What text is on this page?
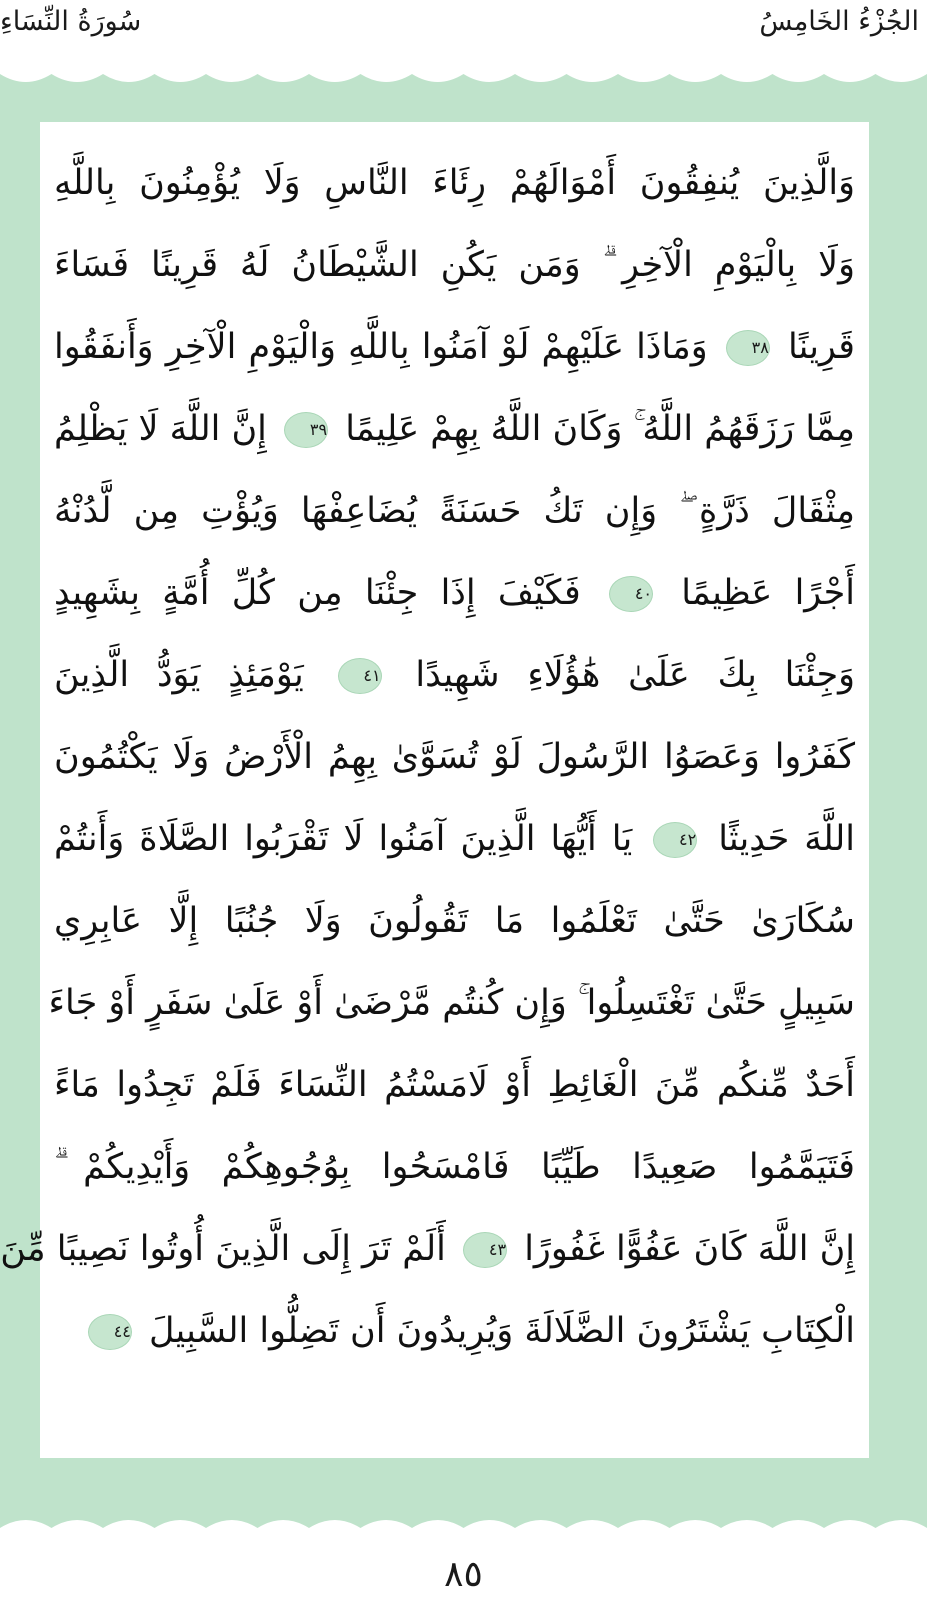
سُورَةُ النِّسَاءِ	الجُزْءُ الخَامِسُ
وَالَّذِينَ يُنفِقُونَ أَمْوَالَهُمْ رِئَاءَ النَّاسِ وَلَا يُؤْمِنُونَ بِاللَّهِ
وَلَا بِالْيَوْمِ الْآخِرِ ۗ وَمَن يَكُنِ الشَّيْطَانُ لَهُ قَرِينًا فَسَاءَ
قَرِينًا ٣٨ وَمَاذَا عَلَيْهِمْ لَوْ آمَنُوا بِاللَّهِ وَالْيَوْمِ الْآخِرِ وَأَنفَقُوا
مِمَّا رَزَقَهُمُ اللَّهُ ۚ وَكَانَ اللَّهُ بِهِمْ عَلِيمًا ٣٩ إِنَّ اللَّهَ لَا يَظْلِمُ
مِثْقَالَ ذَرَّةٍ ۖ وَإِن تَكُ حَسَنَةً يُضَاعِفْهَا وَيُؤْتِ مِن لَّدُنْهُ
أَجْرًا عَظِيمًا ٤٠ فَكَيْفَ إِذَا جِئْنَا مِن كُلِّ أُمَّةٍ بِشَهِيدٍ
وَجِئْنَا بِكَ عَلَىٰ هَٰؤُلَاءِ شَهِيدًا ٤١ يَوْمَئِذٍ يَوَدُّ الَّذِينَ
كَفَرُوا وَعَصَوُا الرَّسُولَ لَوْ تُسَوَّىٰ بِهِمُ الْأَرْضُ وَلَا يَكْتُمُونَ
اللَّهَ حَدِيثًا ٤٢ يَا أَيُّهَا الَّذِينَ آمَنُوا لَا تَقْرَبُوا الصَّلَاةَ وَأَنتُمْ
سُكَارَىٰ حَتَّىٰ تَعْلَمُوا مَا تَقُولُونَ وَلَا جُنُبًا إِلَّا عَابِرِي
سَبِيلٍ حَتَّىٰ تَغْتَسِلُوا ۚ وَإِن كُنتُم مَّرْضَىٰ أَوْ عَلَىٰ سَفَرٍ أَوْ جَاءَ
أَحَدٌ مِّنكُم مِّنَ الْغَائِطِ أَوْ لَامَسْتُمُ النِّسَاءَ فَلَمْ تَجِدُوا مَاءً
فَتَيَمَّمُوا صَعِيدًا طَيِّبًا فَامْسَحُوا بِوُجُوهِكُمْ وَأَيْدِيكُمْ ۗ
إِنَّ اللَّهَ كَانَ عَفُوًّا غَفُورًا ٤٣ أَلَمْ تَرَ إِلَى الَّذِينَ أُوتُوا نَصِيبًا مِّنَ
الْكِتَابِ يَشْتَرُونَ الضَّلَالَةَ وَيُرِيدُونَ أَن تَضِلُّوا السَّبِيلَ ٤٤
٨٥
